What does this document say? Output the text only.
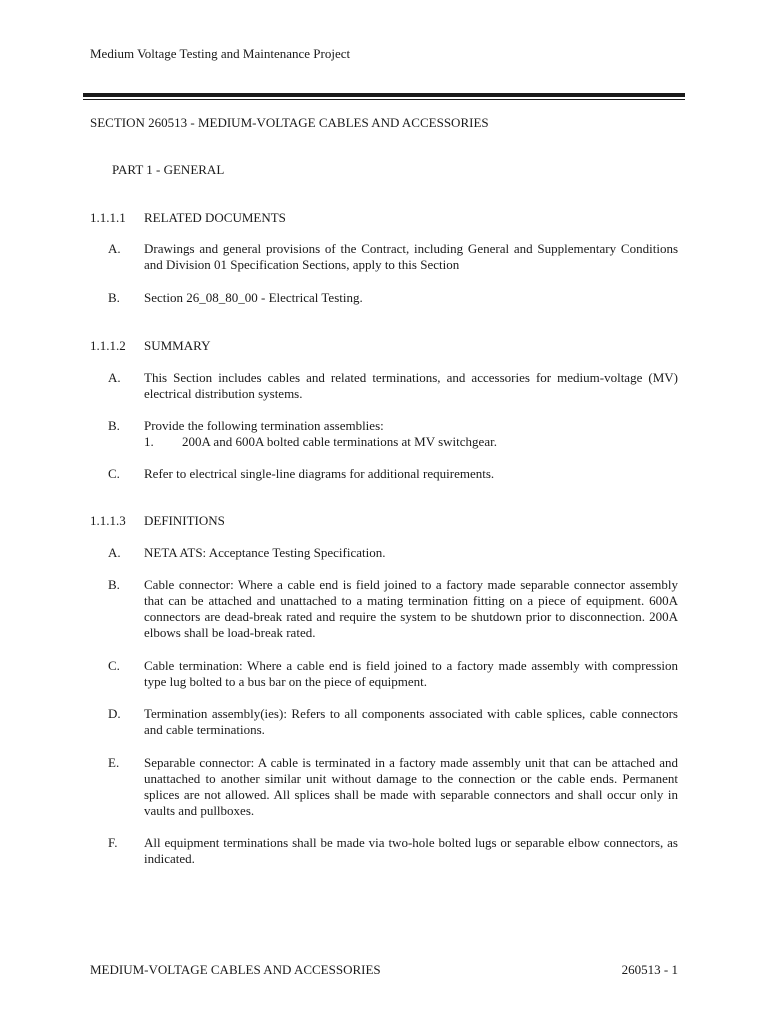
Medium Voltage Testing and Maintenance Project
SECTION 260513 - MEDIUM-VOLTAGE CABLES AND ACCESSORIES
PART 1 - GENERAL
1.1.1.1	RELATED DOCUMENTS
A.	Drawings and general provisions of the Contract, including General and Supplementary Conditions and Division 01 Specification Sections, apply to this Section
B.	Section 26_08_80_00 - Electrical Testing.
1.1.1.2	SUMMARY
A.	This Section includes cables and related terminations, and accessories for medium-voltage (MV) electrical distribution systems.
B.	Provide the following termination assemblies:
1. 200A and 600A bolted cable terminations at MV switchgear.
C.	Refer to electrical single-line diagrams for additional requirements.
1.1.1.3	DEFINITIONS
A.	NETA ATS: Acceptance Testing Specification.
B.	Cable connector: Where a cable end is field joined to a factory made separable connector assembly that can be attached and unattached to a mating termination fitting on a piece of equipment. 600A connectors are dead-break rated and require the system to be shutdown prior to disconnection. 200A elbows shall be load-break rated.
C.	Cable termination: Where a cable end is field joined to a factory made assembly with compression type lug bolted to a bus bar on the piece of equipment.
D.	Termination assembly(ies): Refers to all components associated with cable splices, cable connectors and cable terminations.
E.	Separable connector: A cable is terminated in a factory made assembly unit that can be attached and unattached to another similar unit without damage to the connection or the cable ends. Permanent splices are not allowed. All splices shall be made with separable connectors and shall occur only in vaults and pullboxes.
F.	All equipment terminations shall be made via two-hole bolted lugs or separable elbow connectors, as indicated.
MEDIUM-VOLTAGE CABLES AND ACCESSORIES	260513 - 1
